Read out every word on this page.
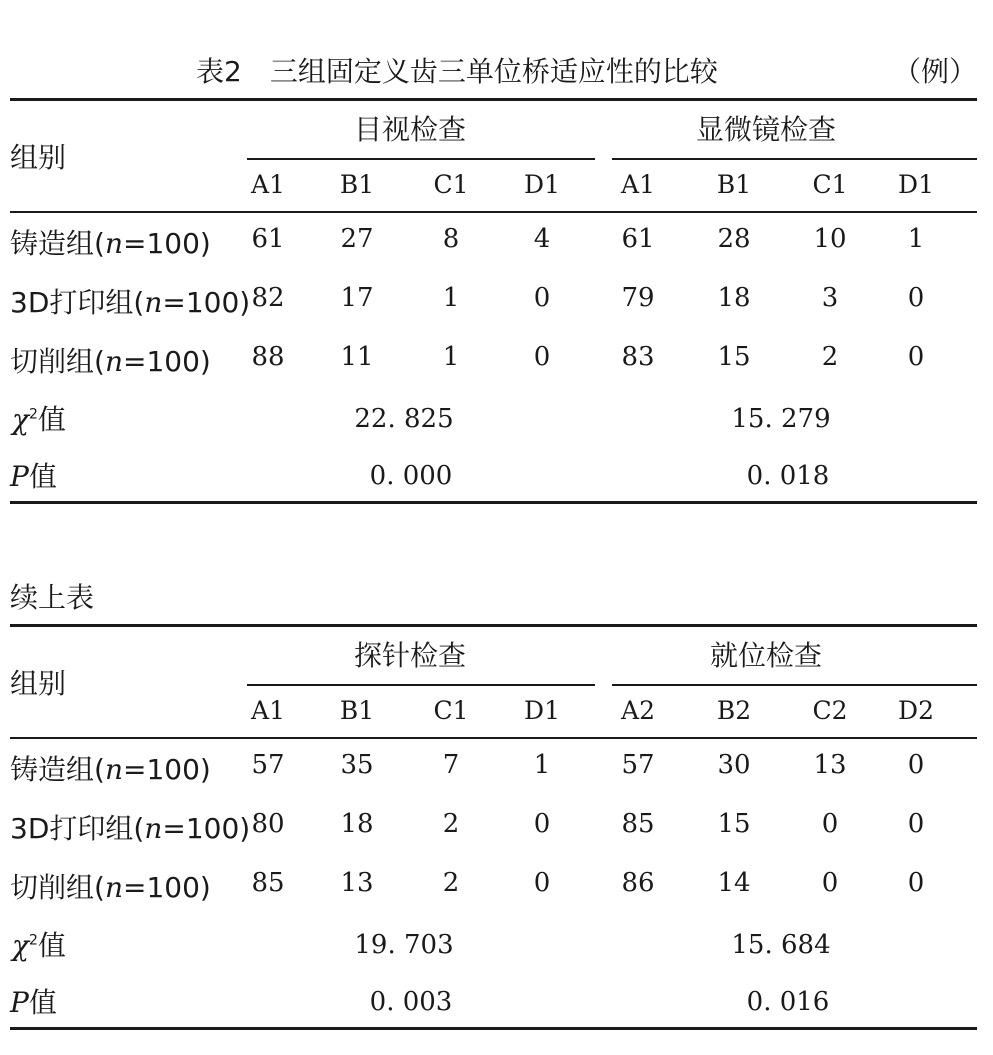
表2　三组固定义齿三单位桥适应性的比较	（例）
续上表
组别
目视检查	显微镜检查
A1 B1 C1 D1 A1 B1 C1 D1
铸造组(n=100) 61 27	8	4	61 28 10 1
3D打印组(n=100) 82 17	1	0	79 18	3	0
切削组(n=100) 88 11	1	0	83 15	2	0
$\chi^2$值	22. 825	15. 279
P值	0. 000	0. 018
组别
探针检查	就位检查
A1 B1 C1 D1 A2 B2 C2 D2
铸造组(n=100) 57 35	7	1	57 30 13 0
3D打印组(n=100) 80 18	2	0	85 15	0	0
切削组(n=100) 85 13	2	0	86 14	0	0
$\chi^2$值	19. 703	15. 684
P值	0. 003	0. 016
